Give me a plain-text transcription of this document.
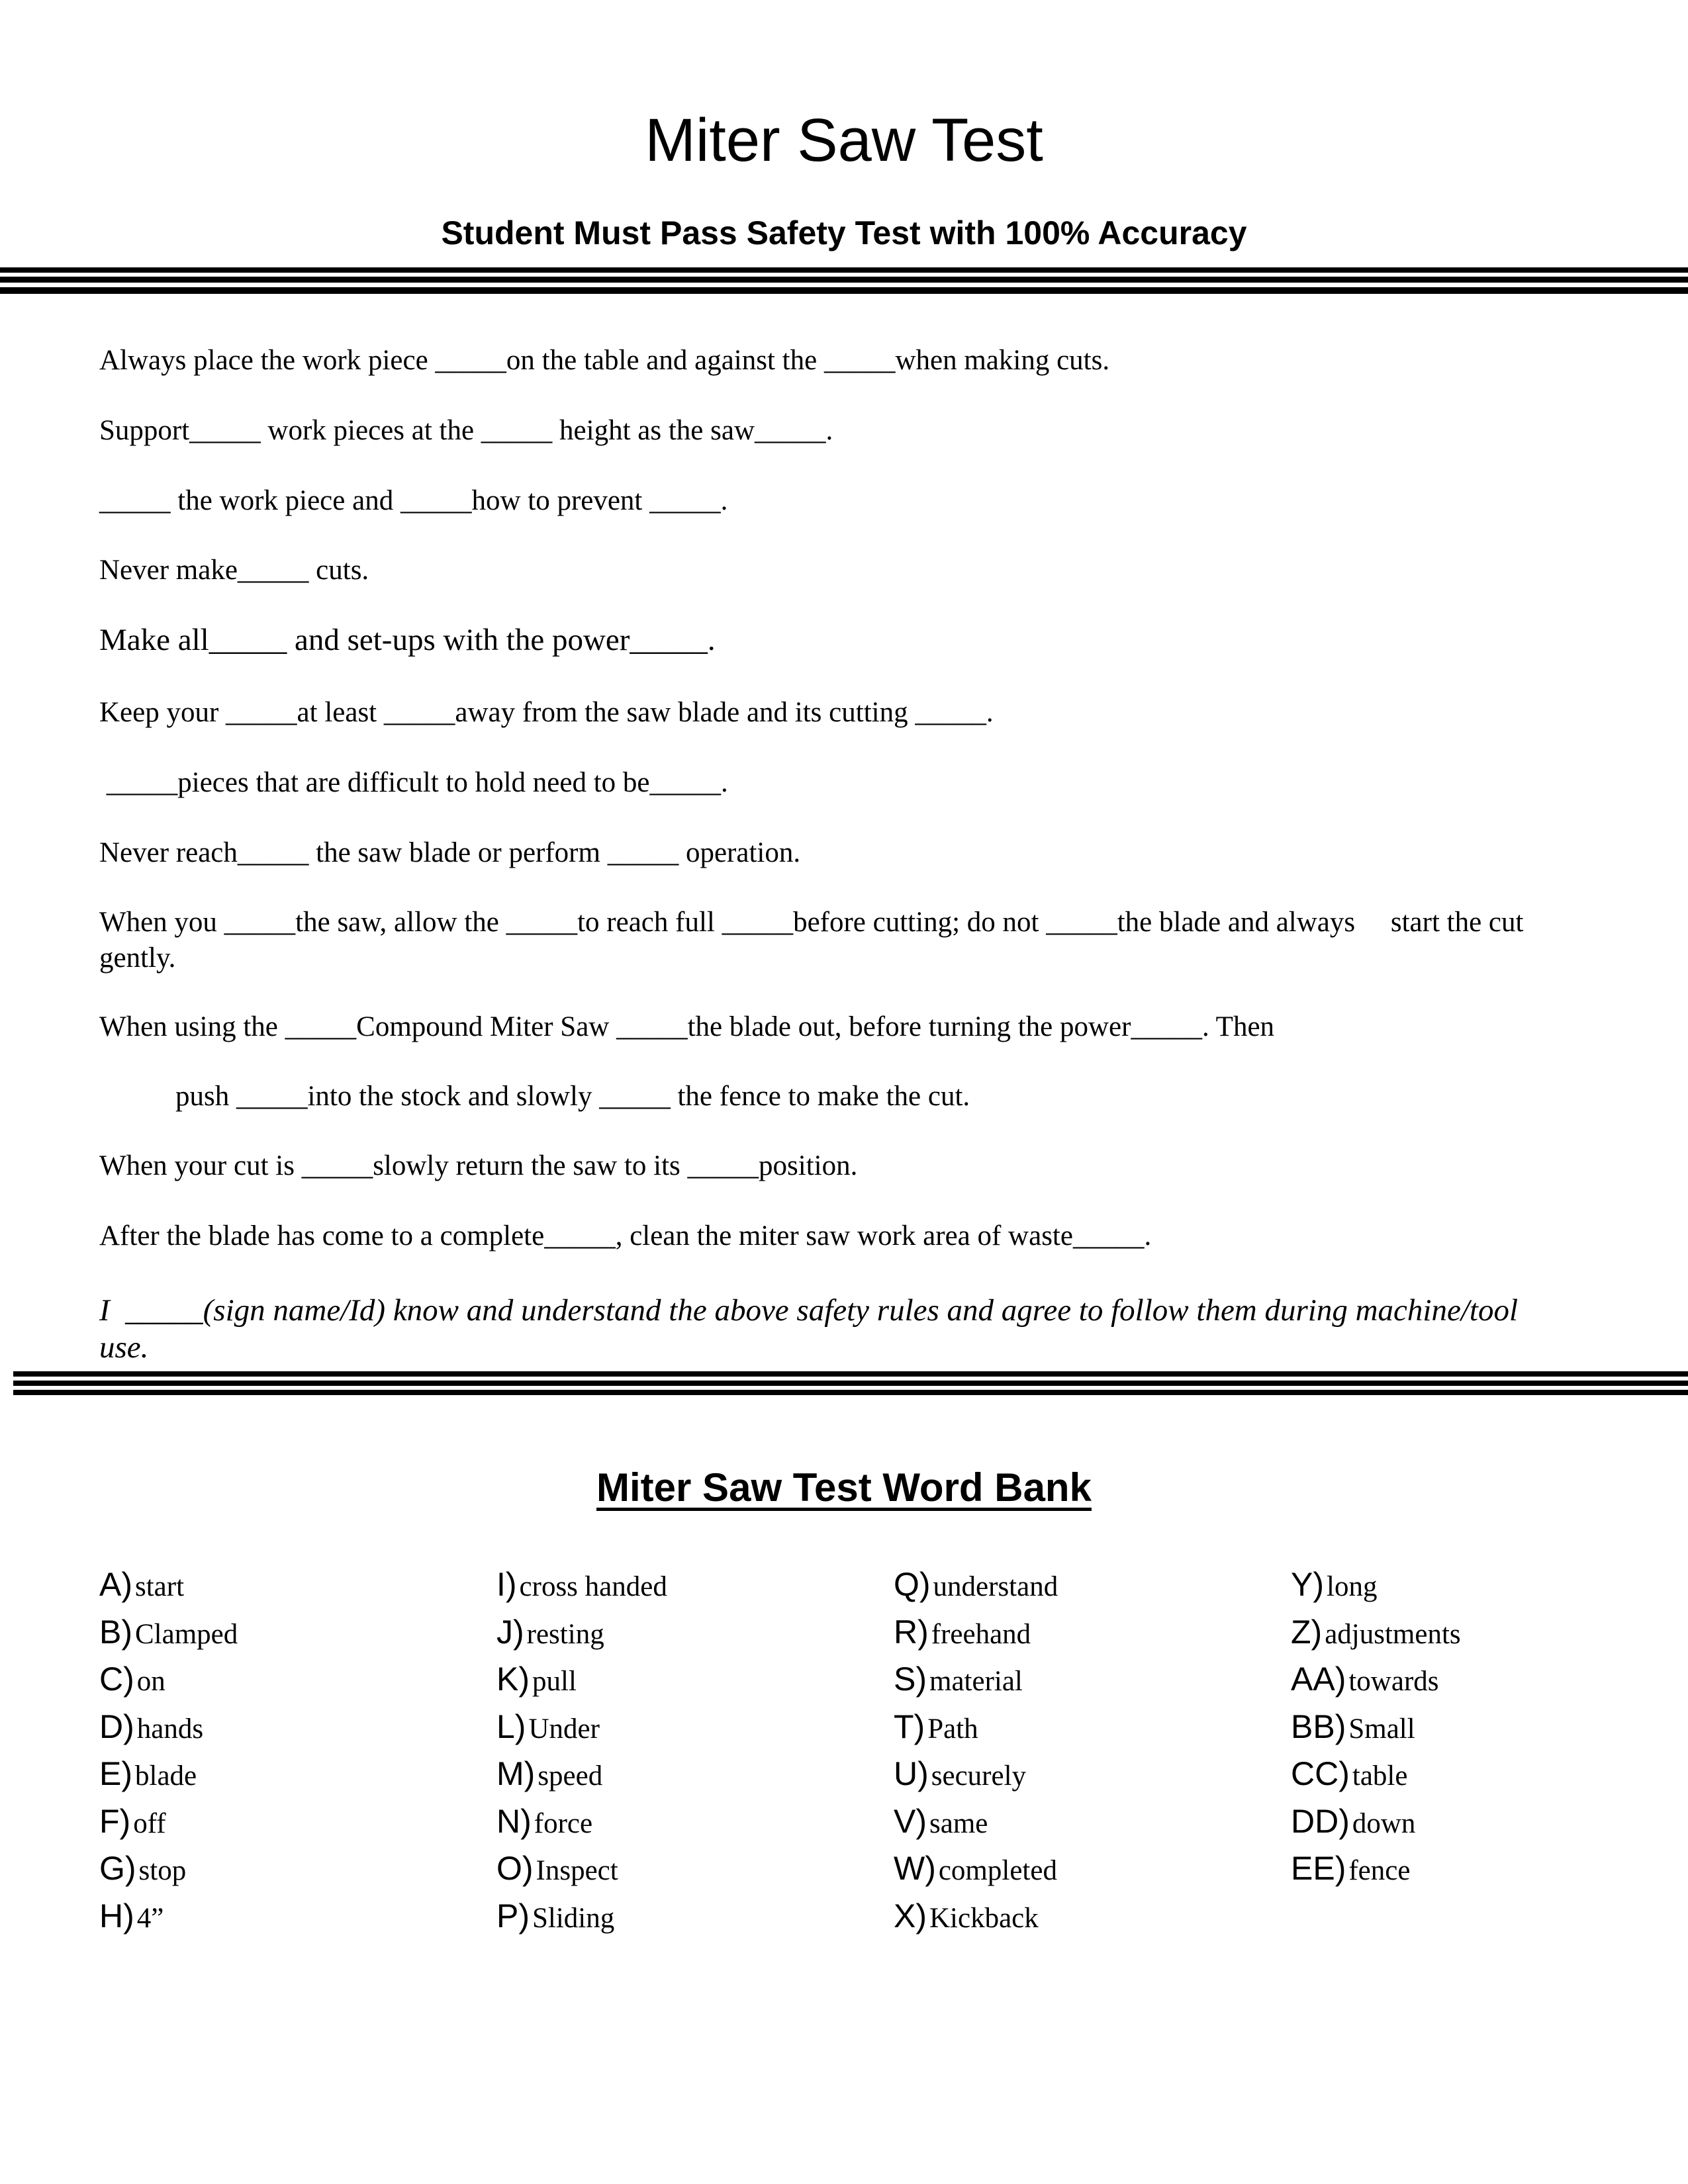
Miter Saw Test
Student Must Pass Safety Test with 100% Accuracy

Always place the work piece _____on the table and against the _____when making cuts.

Support_____ work pieces at the _____ height as the saw_____.

_____ the work piece and _____how to prevent _____.

Never make_____ cuts.

Make all_____ and set-ups with the power_____.

Keep your _____at least _____away from the saw blade and its cutting _____.

_____pieces that are difficult to hold need to be_____.

Never reach_____ the saw blade or perform _____ operation.

When you _____the saw, allow the _____to reach full _____before cutting; do not _____the blade and always     start the cut gently.

When using the _____Compound Miter Saw _____the blade out, before turning the power_____. Then

push _____into the stock and slowly _____ the fence to make the cut.

When your cut is _____slowly return the saw to its _____position.

After the blade has come to a complete_____, clean the miter saw work area of waste_____.

I  _____(sign name/Id) know and understand the above safety rules and agree to follow them during machine/tool use.

Miter Saw Test Word Bank
A) start
B) Clamped
C) on
D) hands
E) blade
F) off
G) stop
H) 4”
I) cross handed
J) resting
K) pull
L) Under
M) speed
N) force
O) Inspect
P) Sliding
Q) understand
R) freehand
S) material
T) Path
U) securely
V) same
W) completed
X) Kickback
Y) long
Z) adjustments
AA) towards
BB) Small
CC) table
DD) down
EE) fence
